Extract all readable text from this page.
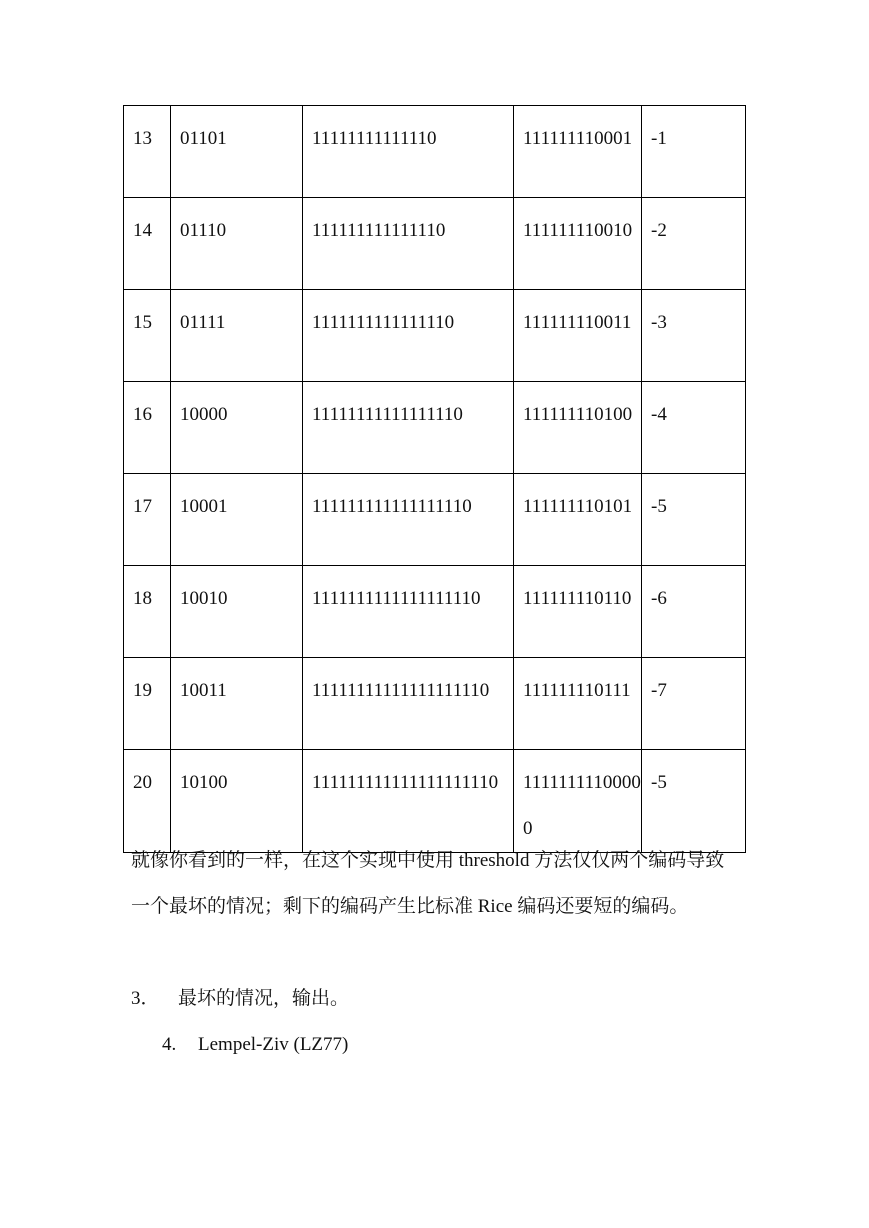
13	01101	11111111111110	111111110001	-1
14	01110	111111111111110	111111110010	-2
15	01111	1111111111111110	111111110011	-3
16	10000	11111111111111110	111111110100	-4
17	10001	111111111111111110	111111110101	-5
18	10010	1111111111111111110	111111110110	-6
19	10011	11111111111111111110	111111110111	-7
20	10100	111111111111111111110	11111111100000	-5

就像你看到的一样，在这个实现中使用 threshold 方法仅仅两个编码导致一个最坏的情况；剩下的编码产生比标准 Rice 编码还要短的编码。

3． 最坏的情况，输出。

4. Lempel-Ziv (LZ77)
